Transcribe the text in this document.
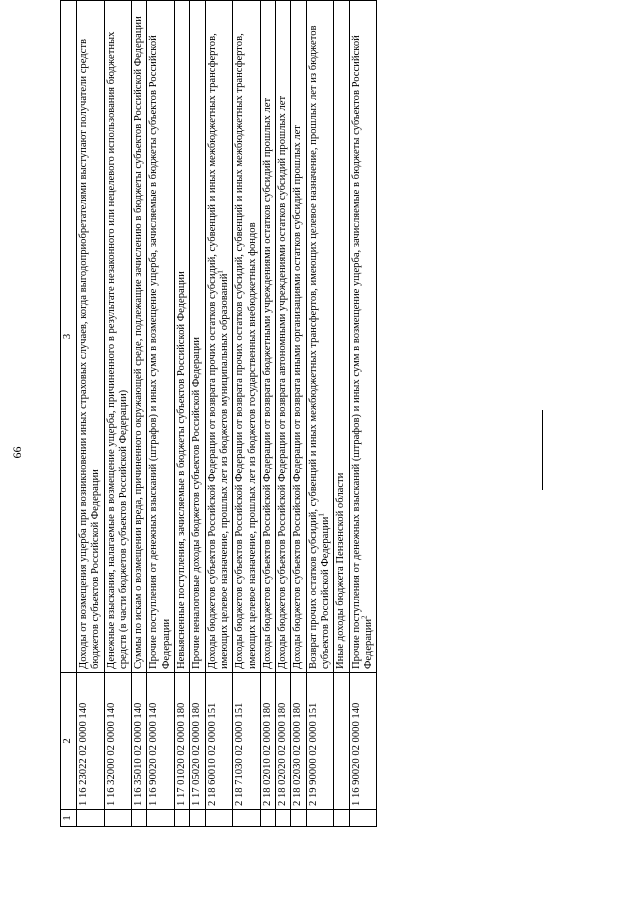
66
1	2	3
	1 16 23022 02 0000 140	Доходы от возмещения ущерба при возникновении иных страховых случаев, когда выгодоприобретателями выступают получатели средств бюджетов субъектов Российской Федерации
	1 16 32000 02 0000 140	Денежные взыскания, налагаемые в возмещение ущерба, причиненного в результате незаконного или нецелевого использования бюджетных средств (в части бюджетов субъектов Российской Федерации)
	1 16 35010 02 0000 140	Суммы по искам о возмещении вреда, причиненного окружающей среде, подлежащие зачислению в бюджеты субъектов Российской Федерации
	1 16 90020 02 0000 140	Прочие поступления от денежных взысканий (штрафов) и иных сумм в возмещение ущерба, зачисляемые в бюджеты субъектов Российской Федерации
	1 17 01020 02 0000 180	Невыясненные поступления, зачисляемые в бюджеты субъектов Российской Федерации
	1 17 05020 02 0000 180	Прочие неналоговые доходы бюджетов субъектов Российской Федерации
	2 18 60010 02 0000 151	Доходы бюджетов субъектов Российской Федерации от возврата прочих остатков субсидий, субвенций и иных межбюджетных трансфертов, имеющих целевое назначение, прошлых лет из бюджетов муниципальных образований$^1$
	2 18 71030 02 0000 151	Доходы бюджетов субъектов Российской Федерации от возврата прочих остатков субсидий, субвенций и иных межбюджетных трансфертов, имеющих целевое назначение, прошлых лет из бюджетов государственных внебюджетных фондов
	2 18 02010 02 0000 180	Доходы бюджетов субъектов Российской Федерации от возврата бюджетными учреждениями остатков субсидий прошлых лет
	2 18 02020 02 0000 180	Доходы бюджетов субъектов Российской Федерации от возврата автономными учреждениями остатков субсидий прошлых лет
	2 18 02030 02 0000 180	Доходы бюджетов субъектов Российской Федерации от возврата иными организациями остатков субсидий прошлых лет
	2 19 90000 02 0000 151	Возврат прочих остатков субсидий, субвенций и иных межбюджетных трансфертов, имеющих целевое назначение, прошлых лет из бюджетов субъектов Российской Федерации$^1$
		Иные доходы бюджета Пензенской области
	1 16 90020 02 0000 140	Прочие поступления от денежных взысканий (штрафов) и иных сумм в возмещение ущерба, зачисляемые в бюджеты субъектов Российской Федерации$^2$
